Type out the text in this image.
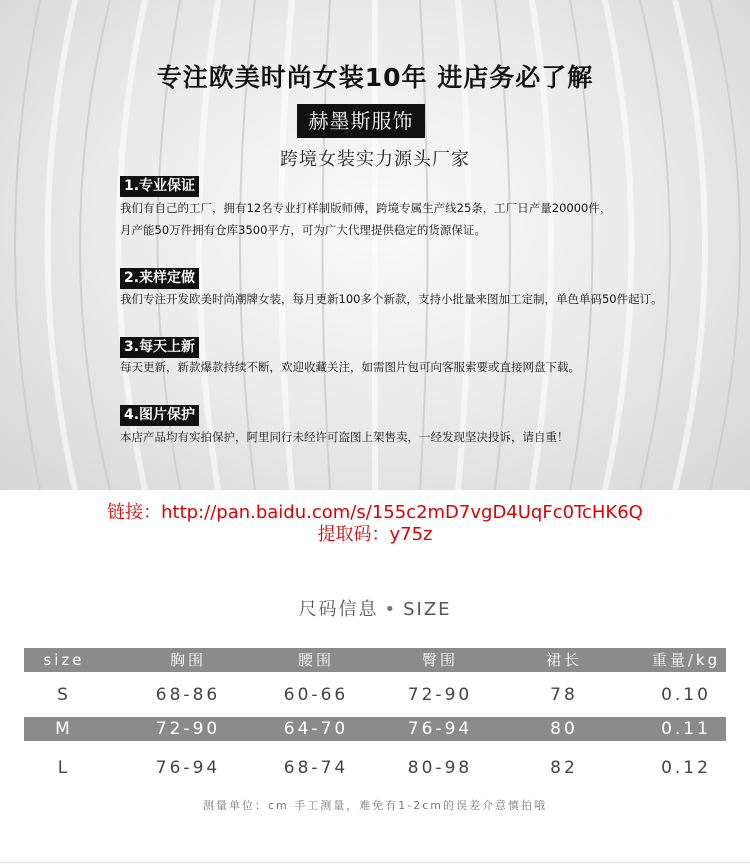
专注欧美时尚女装10年 进店务必了解
赫墨斯服饰
跨境女装实力源头厂家
1.专业保证
我们有自己的工厂，拥有12名专业打样制版师傅，跨境专属生产线25条，工厂日产量20000件，
月产能50万件拥有仓库3500平方，可为广大代理提供稳定的货源保证。
2.来样定做
我们专注开发欧美时尚潮牌女装，每月更新100多个新款，支持小批量来图加工定制，单色单码50件起订。
3.每天上新
每天更新，新款爆款持续不断，欢迎收藏关注，如需图片包可向客服索要或直接网盘下载。
4.图片保护
本店产品均有实拍保护，阿里同行未经许可盗图上架售卖，一经发现坚决投诉，请自重！
链接：http://pan.baidu.com/s/155c2mD7vgD4UqFc0TcHK6Q
提取码：y75z
尺码信息 • SIZE
size	胸围	腰围	臀围	裙长	重量/kg
S	68-86	60-66	72-90	78	0.10
M	72-90	64-70	76-94	80	0.11
L	76-94	68-74	80-98	82	0.12
测量单位：cm 手工测量，难免有1-2cm的误差介意慎拍哦
